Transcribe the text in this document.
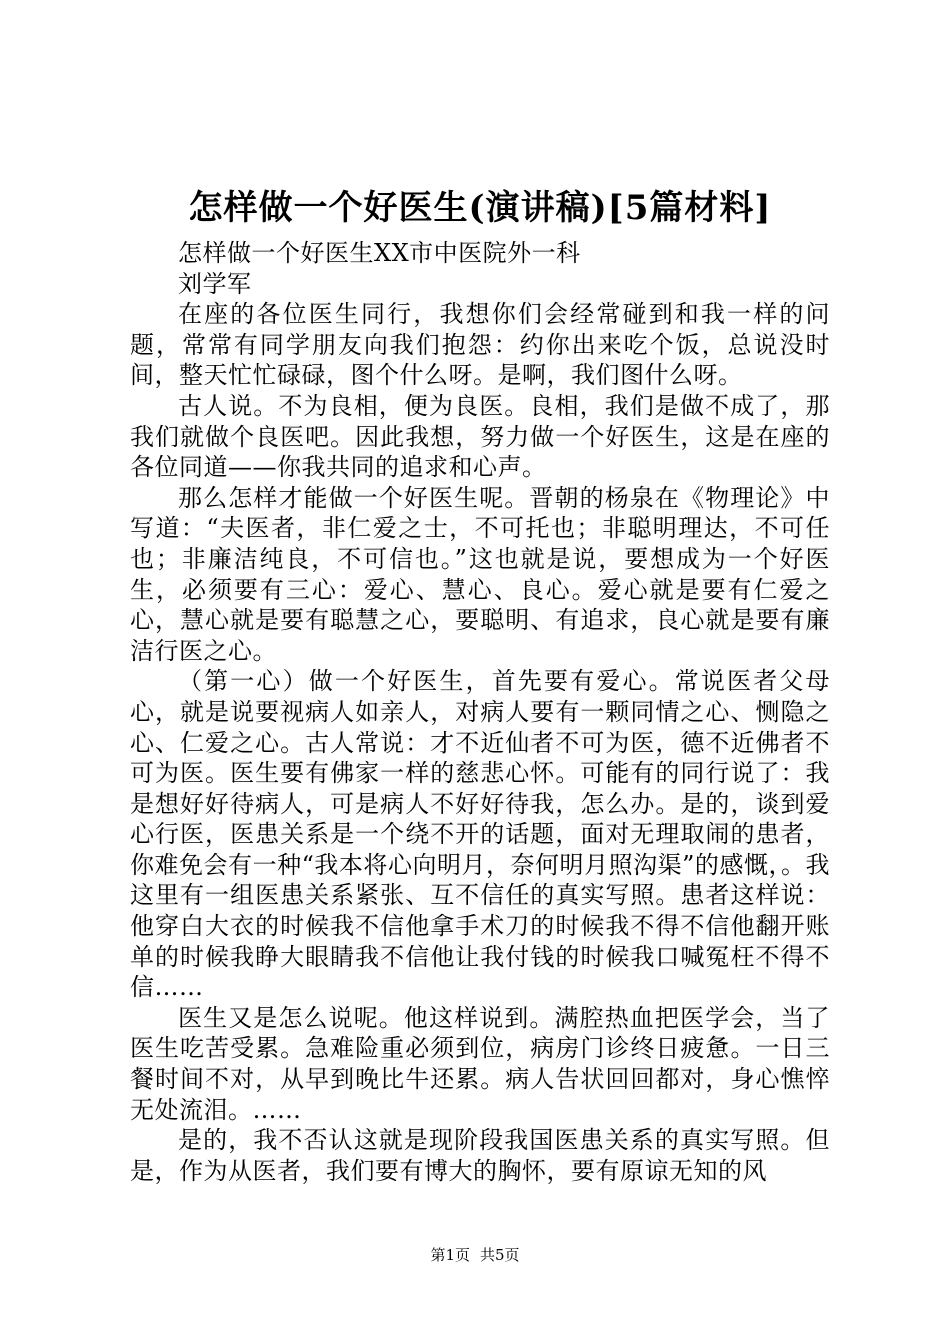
怎样做一个好医生(演讲稿)[5篇材料]

怎样做一个好医生XX市中医院外一科

刘学军

在座的各位医生同行，我想你们会经常碰到和我一样的问题，常常有同学朋友向我们抱怨：约你出来吃个饭，总说没时间，整天忙忙碌碌，图个什么呀。是啊，我们图什么呀。

古人说。不为良相，便为良医。良相，我们是做不成了，那我们就做个良医吧。因此我想，努力做一个好医生，这是在座的各位同道——你我共同的追求和心声。

那么怎样才能做一个好医生呢。晋朝的杨泉在《物理论》中写道：“夫医者，非仁爱之士，不可托也；非聪明理达，不可任也；非廉洁纯良，不可信也。”这也就是说，要想成为一个好医生，必须要有三心：爱心、慧心、良心。爱心就是要有仁爱之心，慧心就是要有聪慧之心，要聪明、有追求，良心就是要有廉洁行医之心。

（第一心）做一个好医生，首先要有爱心。常说医者父母心，就是说要视病人如亲人，对病人要有一颗同情之心、恻隐之心、仁爱之心。古人常说：才不近仙者不可为医，德不近佛者不可为医。医生要有佛家一样的慈悲心怀。可能有的同行说了：我是想好好待病人，可是病人不好好待我，怎么办。是的，谈到爱心行医，医患关系是一个绕不开的话题，面对无理取闹的患者，你难免会有一种“我本将心向明月，奈何明月照沟渠”的感慨，。我这里有一组医患关系紧张、互不信任的真实写照。患者这样说：他穿白大衣的时候我不信他拿手术刀的时候我不得不信他翻开账单的时候我睁大眼睛我不信他让我付钱的时候我口喊冤枉不得不信……

医生又是怎么说呢。他这样说到。满腔热血把医学会，当了医生吃苦受累。急难险重必须到位，病房门诊终日疲惫。一日三餐时间不对，从早到晚比牛还累。病人告状回回都对，身心憔悴无处流泪。……

是的，我不否认这就是现阶段我国医患关系的真实写照。但是，作为从医者，我们要有博大的胸怀，要有原谅无知的风

第1页 共5页
